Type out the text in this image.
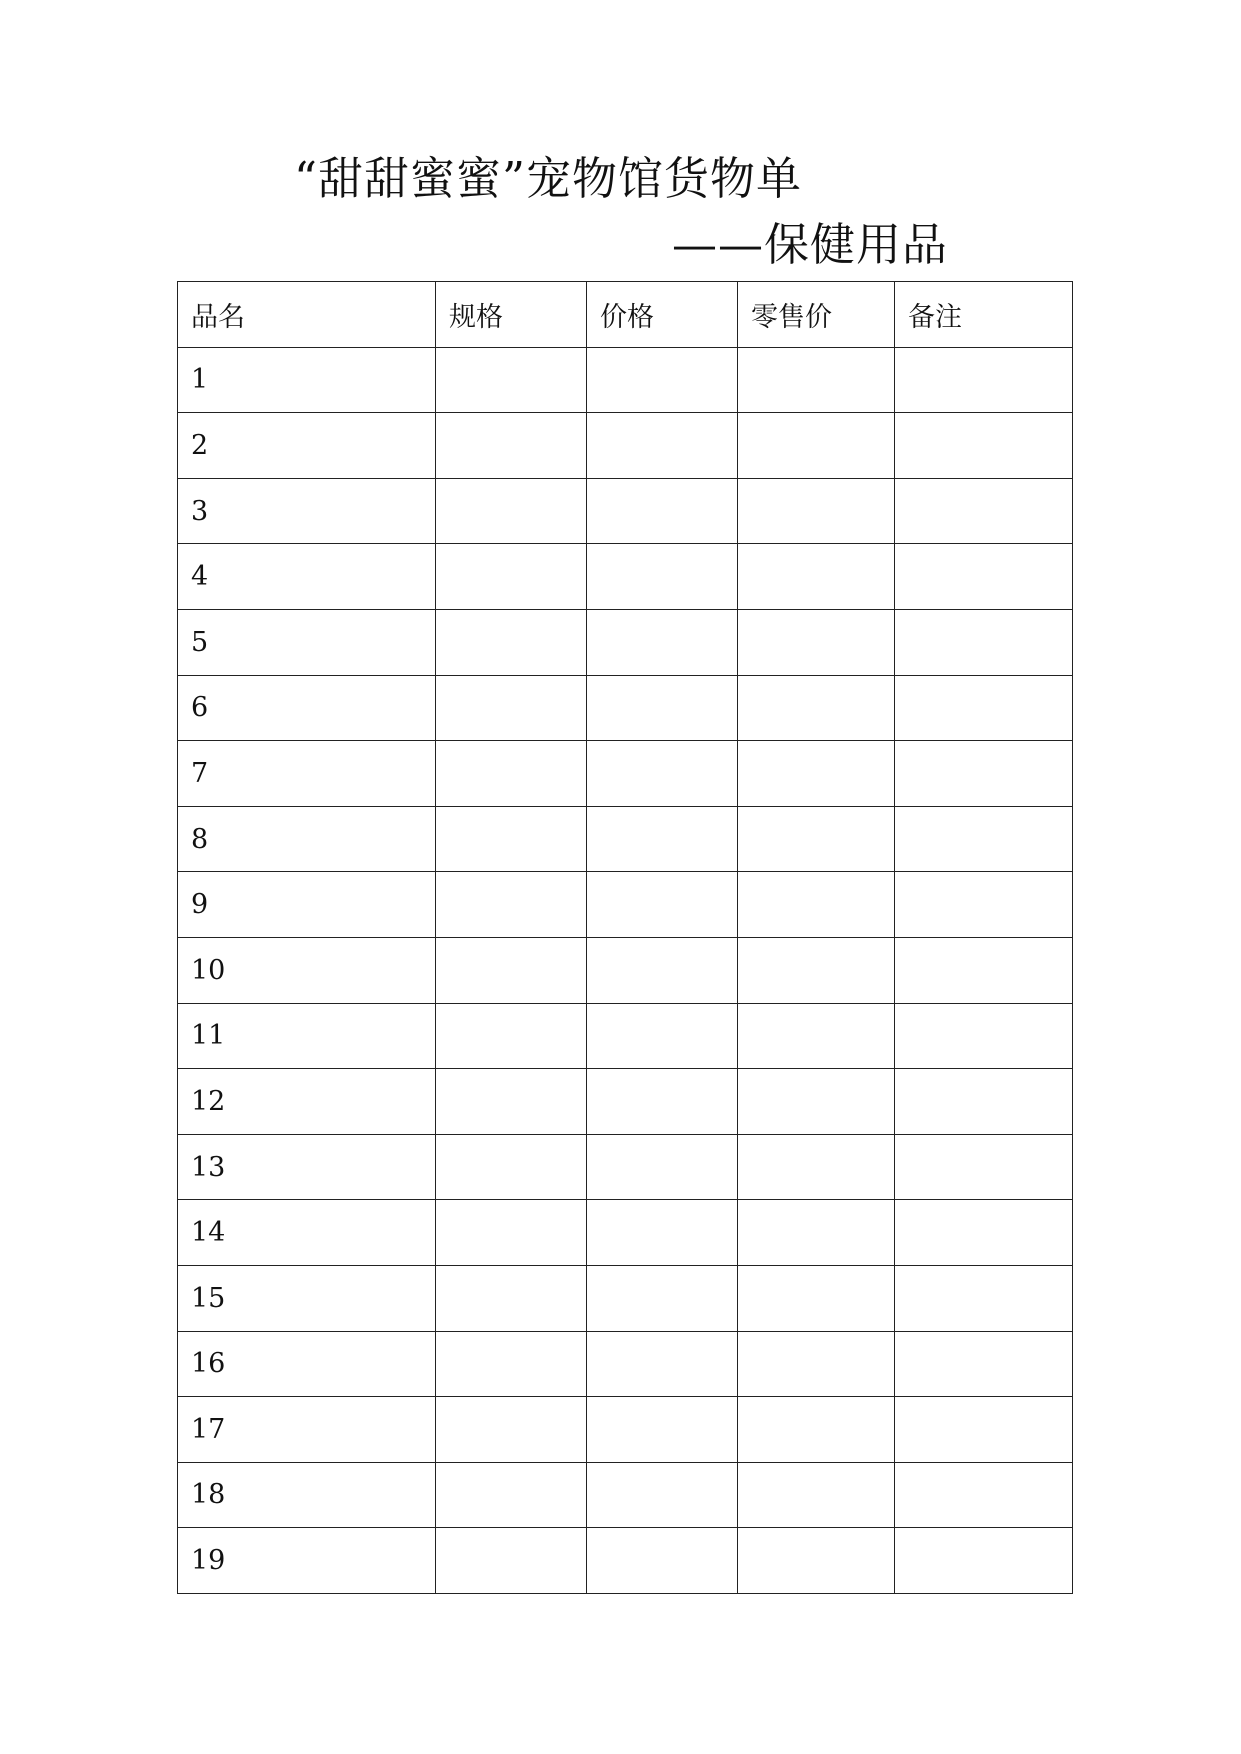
“甜甜蜜蜜”宠物馆货物单
——保健用品
品名	规格	价格	零售价	备注
1				
2				
3				
4				
5				
6				
7				
8				
9				
10				
11				
12				
13				
14				
15				
16				
17				
18				
19				
